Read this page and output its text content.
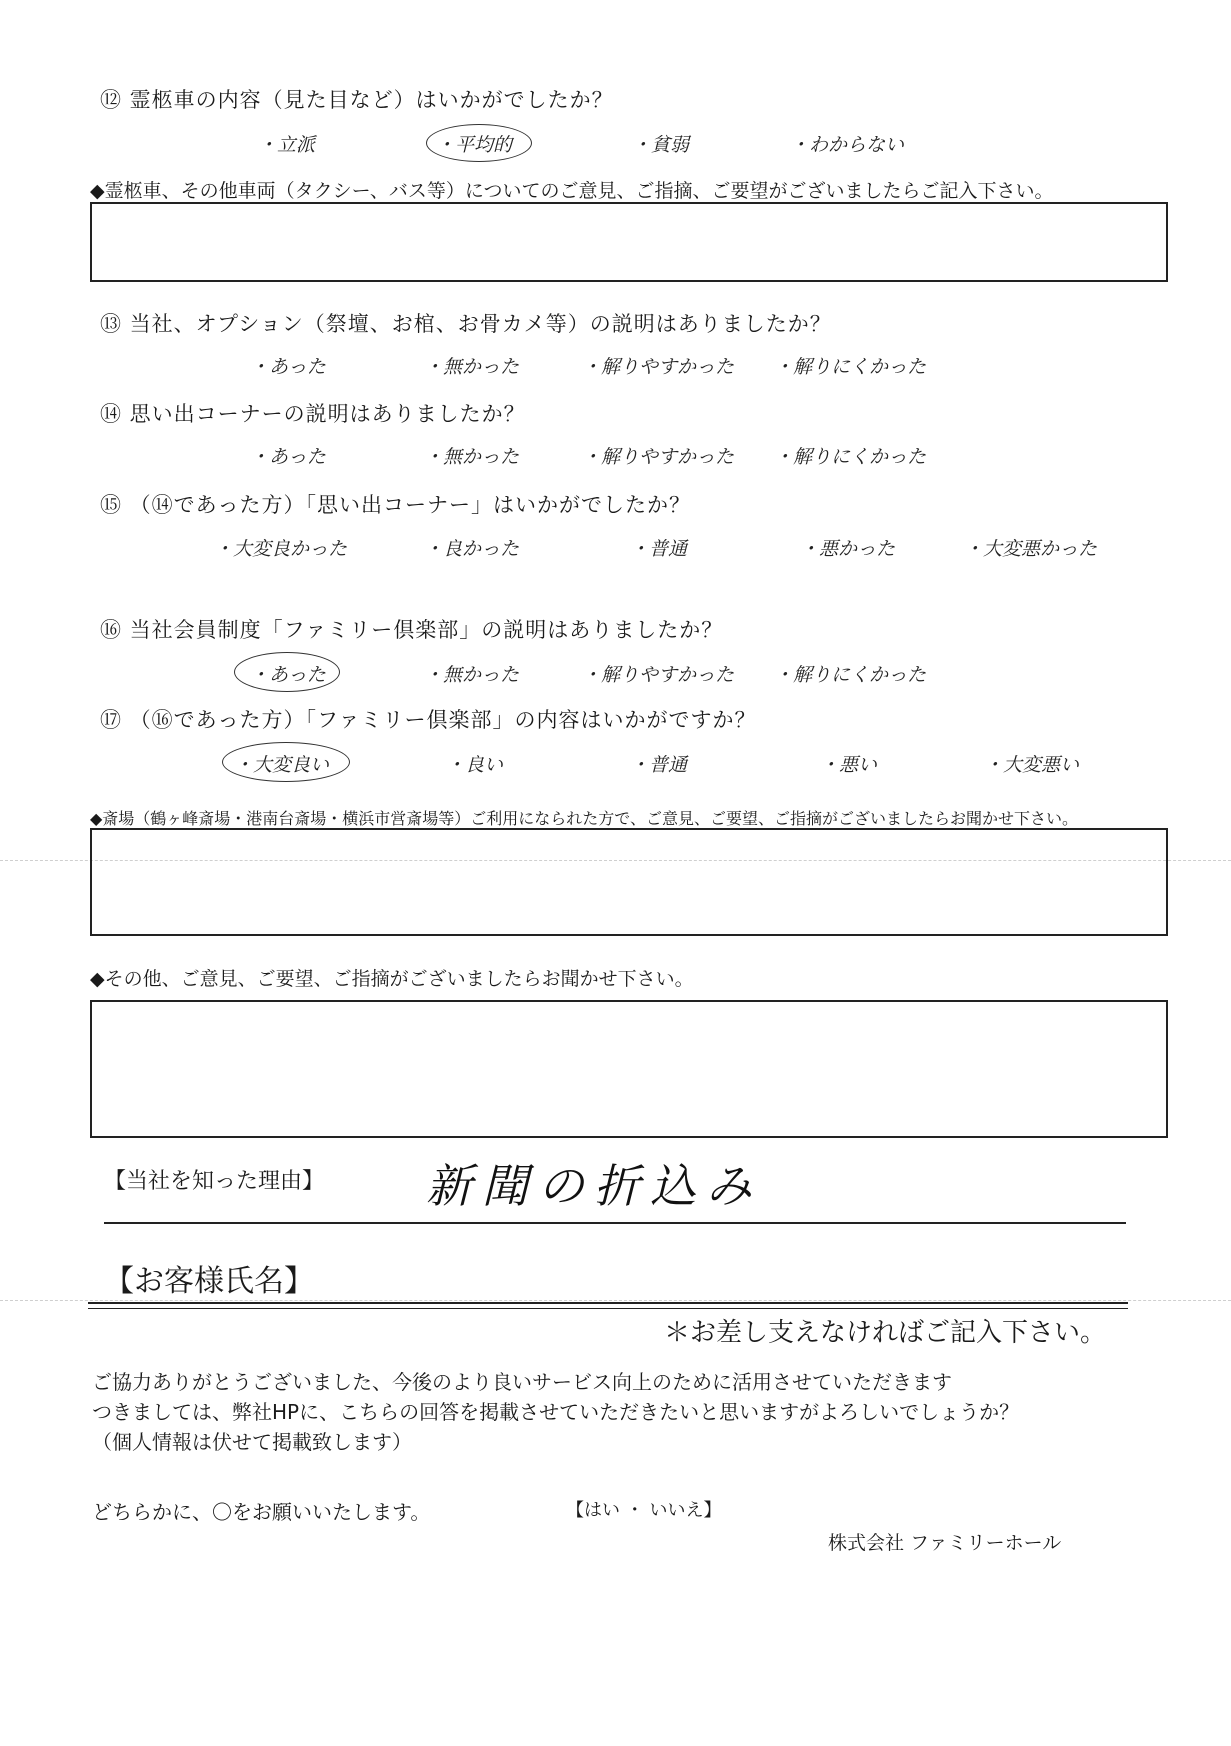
⑫ 霊柩車の内容（見た目など）はいかがでしたか？
・立派	・平均的	・貧弱	・わからない
◆霊柩車、その他車両（タクシー、バス等）についてのご意見、ご指摘、ご要望がございましたらご記入下さい。
⑬ 当社、オプション（祭壇、お棺、お骨カメ等）の説明はありましたか？
・あった	・無かった	・解りやすかった ・解りにくかった
⑭ 思い出コーナーの説明はありましたか？
・あった	・無かった	・解りやすかった ・解りにくかった
⑮ （⑭であった方）「思い出コーナー」はいかがでしたか？
・大変良かった	・良かった	・普通	・悪かった	・大変悪かった
⑯ 当社会員制度「ファミリー倶楽部」の説明はありましたか？
・あった	・無かった	・解りやすかった ・解りにくかった
⑰ （⑯であった方）「ファミリー倶楽部」の内容はいかがですか？
・大変良い	・良い	・普通	・悪い	・大変悪い
◆斎場（鶴ヶ峰斎場・港南台斎場・横浜市営斎場等）ご利用になられた方で、ご意見、ご要望、ご指摘がございましたらお聞かせ下さい。
◆その他、ご意見、ご要望、ご指摘がございましたらお聞かせ下さい。
【当社を知った理由】 新聞の折込み
【お客様氏名】
＊お差し支えなければご記入下さい。
ご協力ありがとうございました、今後のより良いサービス向上のために活用させていただきます
つきましては、弊社HPに、こちらの回答を掲載させていただきたいと思いますがよろしいでしょうか？
（個人情報は伏せて掲載致します）
どちらかに、〇をお願いいたします。	【はい ・ いいえ】
株式会社 ファミリーホール
